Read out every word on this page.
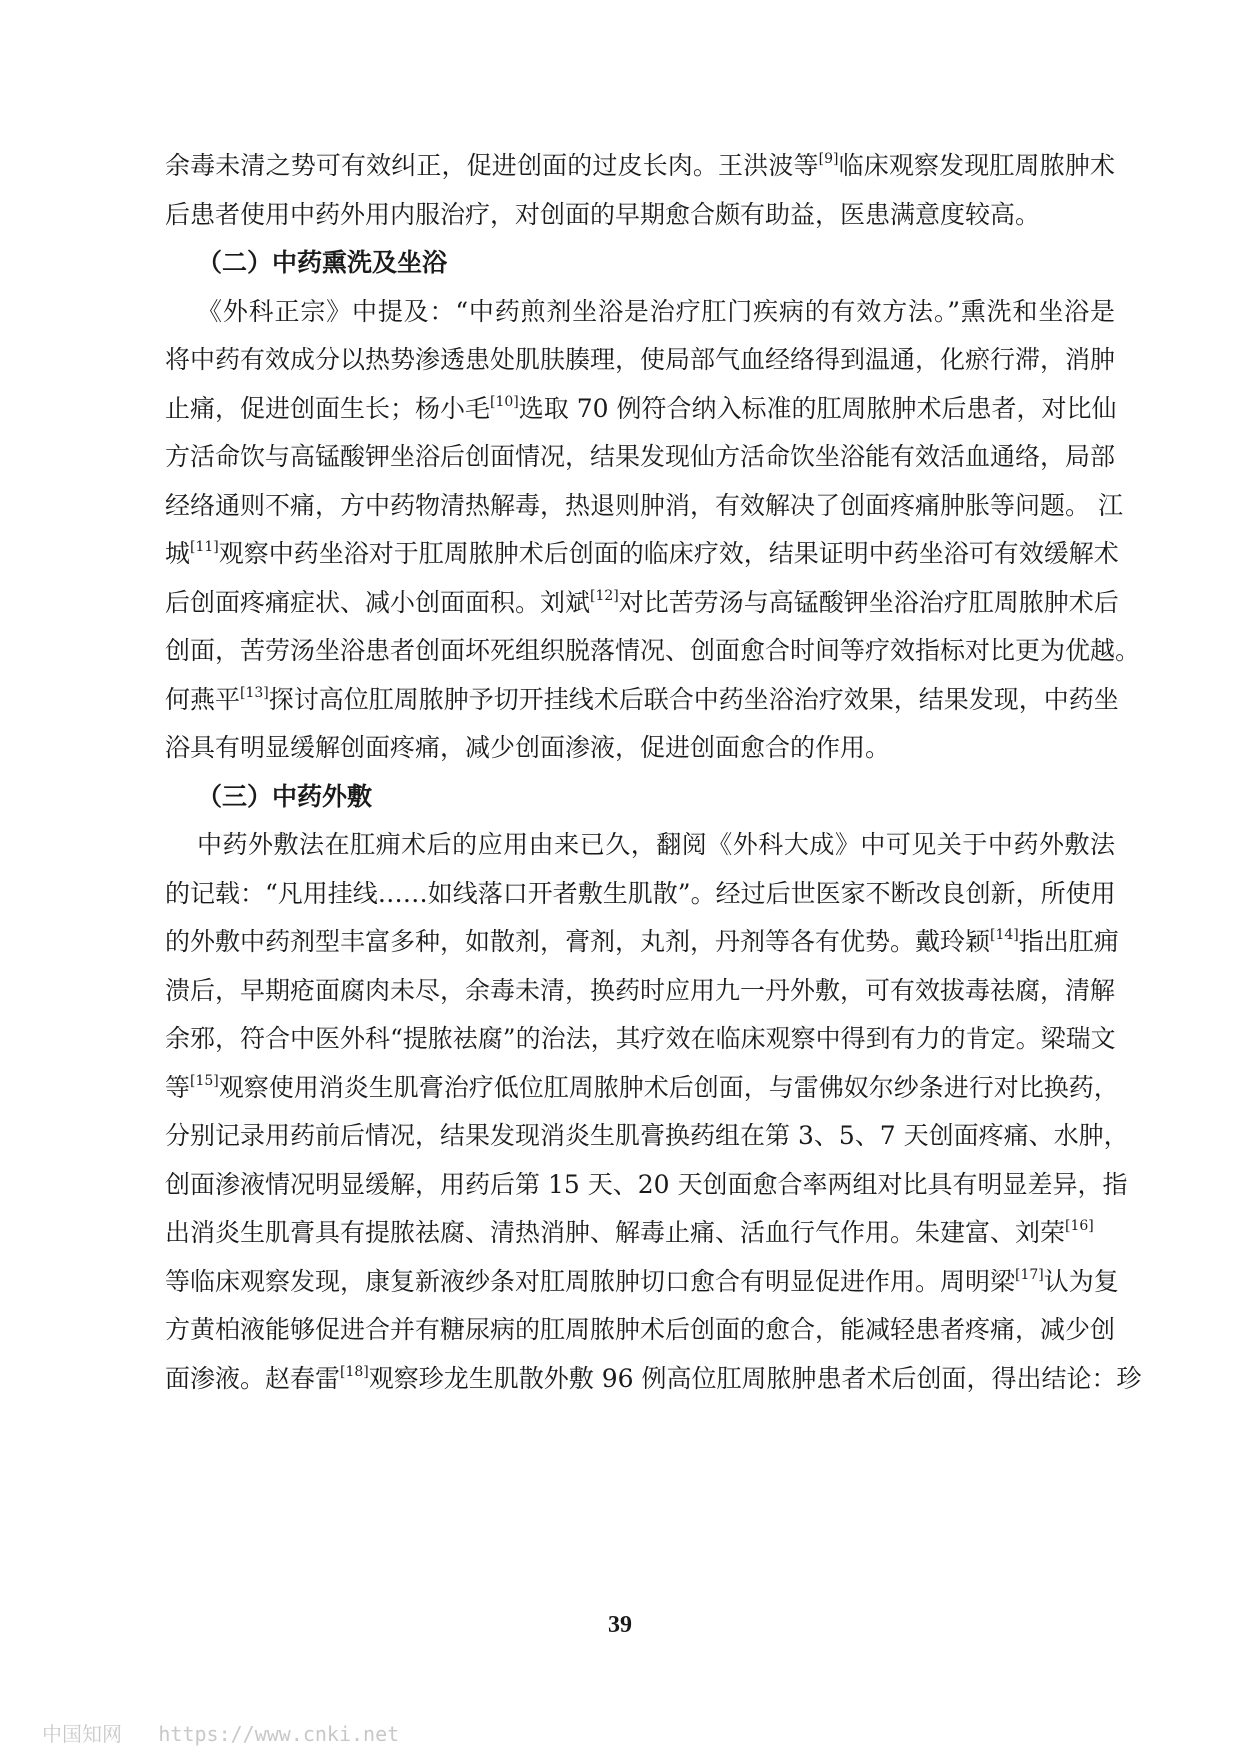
余毒未清之势可有效纠正，促进创面的过皮长肉。王洪波等[9]临床观察发现肛周脓肿术
后患者使用中药外用内服治疗，对创面的早期愈合颇有助益，医患满意度较高。
（二）中药熏洗及坐浴
《外科正宗》中提及：“中药煎剂坐浴是治疗肛门疾病的有效方法。”熏洗和坐浴是
将中药有效成分以热势渗透患处肌肤腠理，使局部气血经络得到温通，化瘀行滞，消肿
止痛，促进创面生长；杨小毛[10]选取 70 例符合纳入标准的肛周脓肿术后患者，对比仙
方活命饮与高锰酸钾坐浴后创面情况，结果发现仙方活命饮坐浴能有效活血通络，局部
经络通则不痛，方中药物清热解毒，热退则肿消，有效解决了创面疼痛肿胀等问题。 江
城[11]观察中药坐浴对于肛周脓肿术后创面的临床疗效，结果证明中药坐浴可有效缓解术
后创面疼痛症状、减小创面面积。刘斌[12]对比苦劳汤与高锰酸钾坐浴治疗肛周脓肿术后
创面，苦劳汤坐浴患者创面坏死组织脱落情况、创面愈合时间等疗效指标对比更为优越。
何燕平[13]探讨高位肛周脓肿予切开挂线术后联合中药坐浴治疗效果，结果发现，中药坐
浴具有明显缓解创面疼痛，减少创面渗液，促进创面愈合的作用。
（三）中药外敷
中药外敷法在肛痈术后的应用由来已久，翻阅《外科大成》中可见关于中药外敷法
的记载：“凡用挂线……如线落口开者敷生肌散”。经过后世医家不断改良创新，所使用
的外敷中药剂型丰富多种，如散剂，膏剂，丸剂，丹剂等各有优势。戴玲颖[14]指出肛痈
溃后，早期疮面腐肉未尽，余毒未清，换药时应用九一丹外敷，可有效拔毒祛腐，清解
余邪，符合中医外科“提脓祛腐”的治法，其疗效在临床观察中得到有力的肯定。梁瑞文
等[15]观察使用消炎生肌膏治疗低位肛周脓肿术后创面，与雷佛奴尔纱条进行对比换药，
分别记录用药前后情况，结果发现消炎生肌膏换药组在第 3、5、7 天创面疼痛、水肿，
创面渗液情况明显缓解，用药后第 15 天、20 天创面愈合率两组对比具有明显差异，指
出消炎生肌膏具有提脓祛腐、清热消肿、解毒止痛、活血行气作用。朱建富、刘荣[16]
等临床观察发现，康复新液纱条对肛周脓肿切口愈合有明显促进作用。周明梁[17]认为复
方黄柏液能够促进合并有糖尿病的肛周脓肿术后创面的愈合，能减轻患者疼痛，减少创
面渗液。赵春雷[18]观察珍龙生肌散外敷 96 例高位肛周脓肿患者术后创面，得出结论：珍
39
中国知网 https://www.cnki.net
